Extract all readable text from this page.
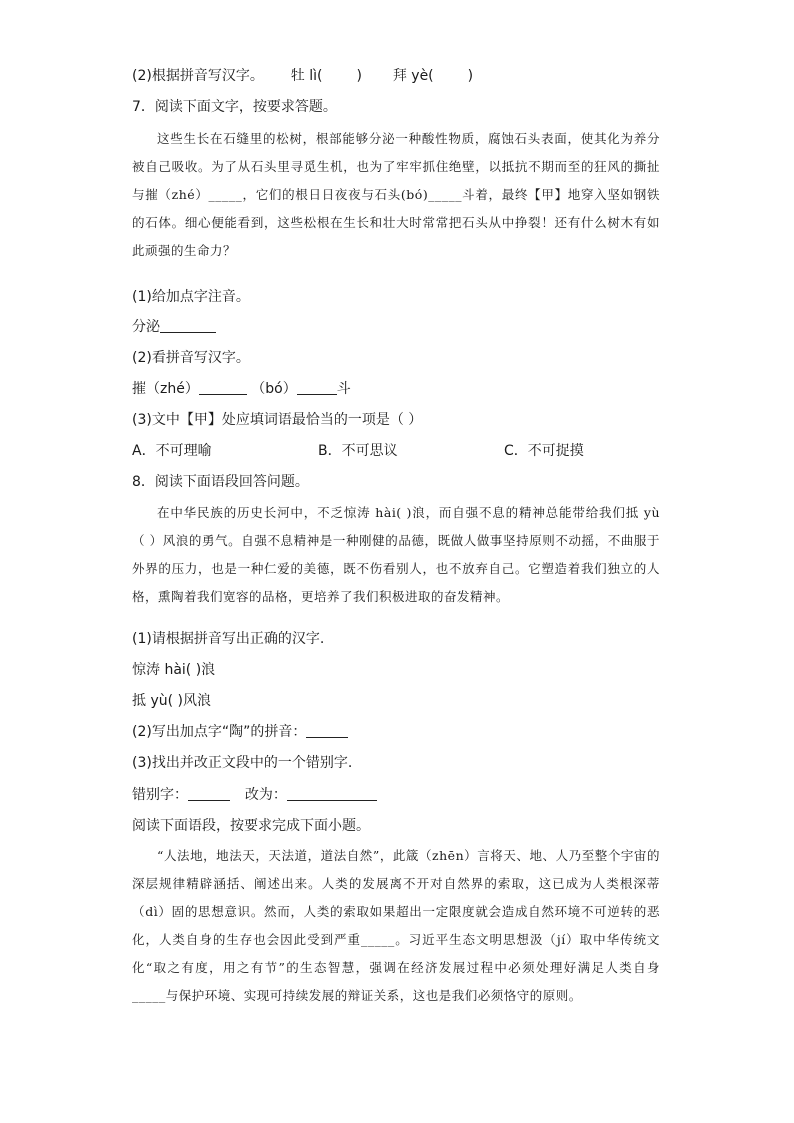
(2)根据拼音写汉字。 牡 lì( ) 拜 yè( )
7．阅读下面文字，按要求答题。

这些生长在石缝里的松树，根部能够分泌一种酸性物质，腐蚀石头表面，使其化为养分被自己吸收。为了从石头里寻觅生机，也为了牢牢抓住绝壁，以抵抗不期而至的狂风的撕扯与摧（zhé）_____，它们的根日日夜夜与石头(bó)_____斗着，最终【甲】地穿入坚如钢铁的石体。细心便能看到，这些松根在生长和壮大时常常把石头从中挣裂！还有什么树木有如此顽强的生命力？

(1)给加点字注音。
分泌
(2)看拼音写汉字。
摧（zhé）	（bó）	斗
(3)文中【甲】处应填词语最恰当的一项是（ ）
A．不可理喻	B．不可思议	C．不可捉摸
8．阅读下面语段回答问题。

在中华民族的历史长河中，不乏惊涛 hài( )浪，而自强不息的精神总能带给我们抵 yù（ ）风浪的勇气。自强不息精神是一种刚健的品德，既做人做事坚持原则不动摇，不曲服于外界的压力，也是一种仁爱的美德，既不伤看别人，也不放弃自己。它塑造着我们独立的人格，熏陶着我们宽容的品格，更培养了我们积极进取的奋发精神。

(1)请根据拼音写出正确的汉字.
惊涛 hài( )浪
抵 yù( )风浪
(2)写出加点字“陶”的拼音：
(3)找出并改正文段中的一个错别字.
错别字：	改为：
阅读下面语段，按要求完成下面小题。

“人法地，地法天，天法道，道法自然”，此箴（zhēn）言将天、地、人乃至整个宇宙的深层规律精辟涵括、阐述出来。人类的发展离不开对自然界的索取，这已成为人类根深蒂（dì）固的思想意识。然而，人类的索取如果超出一定限度就会造成自然环境不可逆转的恶化，人类自身的生存也会因此受到严重_____。习近平生态文明思想汲（jí）取中华传统文化“取之有度，用之有节”的生态智慧，强调在经济发展过程中必须处理好满足人类自身_____与保护环境、实现可持续发展的辩证关系，这也是我们必须恪守的原则。
